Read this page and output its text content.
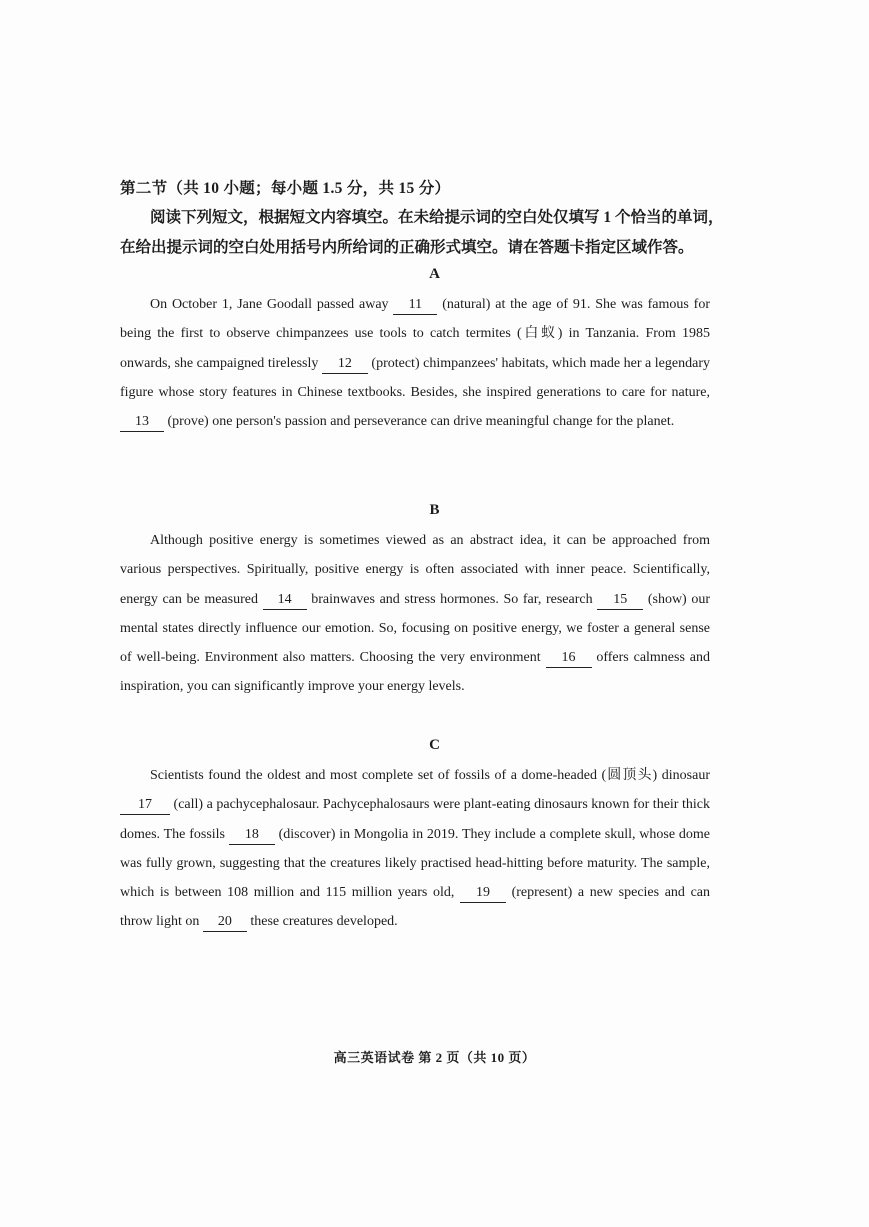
第二节（共 10 小题；每小题 1.5 分，共 15 分）
阅读下列短文，根据短文内容填空。在未给提示词的空白处仅填写 1 个恰当的单词，
在给出提示词的空白处用括号内所给词的正确形式填空。请在答题卡指定区域作答。
A

On October 1, Jane Goodall passed away 11 (natural) at the age of 91. She was famous for being the first to observe chimpanzees use tools to catch termites (白蚁) in Tanzania. From 1985 onwards, she campaigned tirelessly 12 (protect) chimpanzees' habitats, which made her a legendary figure whose story features in Chinese textbooks. Besides, she inspired generations to care for nature, 13 (prove) one person's passion and perseverance can drive meaningful change for the planet.

B

Although positive energy is sometimes viewed as an abstract idea, it can be approached from various perspectives. Spiritually, positive energy is often associated with inner peace. Scientifically, energy can be measured 14 brainwaves and stress hormones. So far, research 15 (show) our mental states directly influence our emotion. So, focusing on positive energy, we foster a general sense of well-being. Environment also matters. Choosing the very environment 16 offers calmness and inspiration, you can significantly improve your energy levels.

C

Scientists found the oldest and most complete set of fossils of a dome-headed (圆顶头) dinosaur 17 (call) a pachycephalosaur. Pachycephalosaurs were plant-eating dinosaurs known for their thick domes. The fossils 18 (discover) in Mongolia in 2019. They include a complete skull, whose dome was fully grown, suggesting that the creatures likely practised head-hitting before maturity. The sample, which is between 108 million and 115 million years old, 19 (represent) a new species and can throw light on 20 these creatures developed.

高三英语试卷 第 2 页（共 10 页）
